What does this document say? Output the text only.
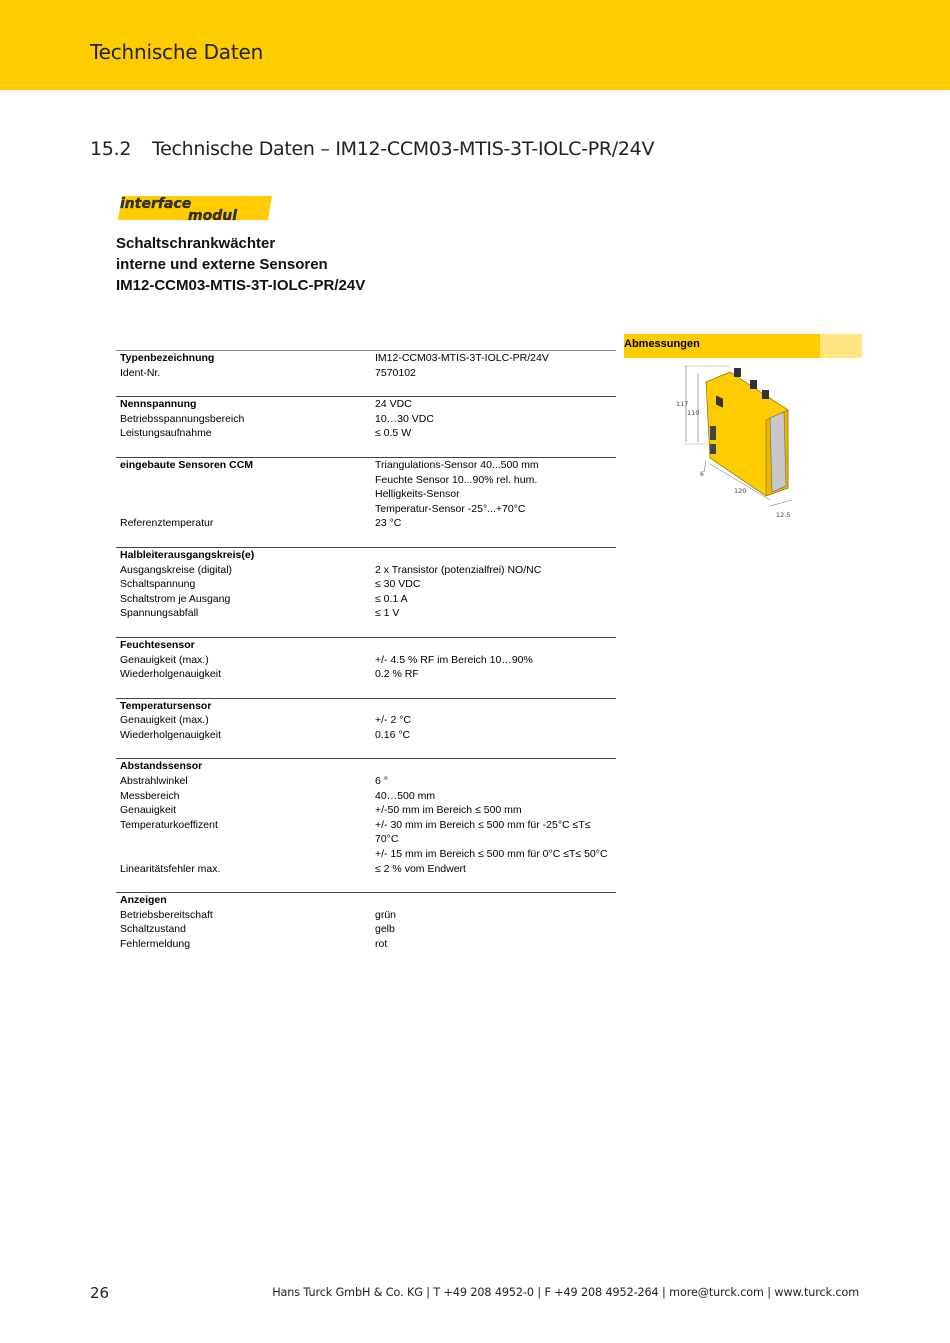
Technische Daten
15.2 Technische Daten – IM12-CCM03-MTIS-3T-IOLC-PR/24V
interface
modul
Schaltschrankwächter
interne und externe Sensoren
IM12-CCM03-MTIS-3T-IOLC-PR/24V
Typenbezeichnung	IM12-CCM03-MTIS-3T-IOLC-PR/24V
Ident-Nr.	7570102
Nennspannung	24 VDC
Betriebsspannungsbereich	10…30 VDC
Leistungsaufnahme	≤ 0.5 W
eingebaute Sensoren CCM	Triangulations-Sensor 40...500 mm
Feuchte Sensor 10...90% rel. hum.
Helligkeits-Sensor
Temperatur-Sensor -25°...+70°C
Referenztemperatur	23 °C
Halbleiterausgangskreis(e)
Ausgangskreise (digital)	2 x Transistor (potenzialfrei) NO/NC
Schaltspannung	≤ 30 VDC
Schaltstrom je Ausgang	≤ 0.1 A
Spannungsabfall	≤ 1 V
Feuchtesensor
Genauigkeit (max.)	+/- 4.5 % RF im Bereich 10…90%
Wiederholgenauigkeit	0.2 % RF
Temperatursensor
Genauigkeit (max.)	+/- 2 °C
Wiederholgenauigkeit	0.16 °C
Abstandssensor
Abstrahlwinkel	6 °
Messbereich	40…500 mm
Genauigkeit	+/-50 mm im Bereich ≤ 500 mm
Temperaturkoeffizent	+/- 30 mm im Bereich ≤ 500 mm für -25°C ≤T≤ 70°C
+/- 15 mm im Bereich ≤ 500 mm für 0°C ≤T≤ 50°C
Linearitätsfehler max.	≤ 2 % vom Endwert
Anzeigen
Betriebsbereitschaft	grün
Schaltzustand	gelb
Fehlermeldung	rot
Abmessungen
117
110
6
120
12.5
26	Hans Turck GmbH & Co. KG | T +49 208 4952-0 | F +49 208 4952-264 | more@turck.com | www.turck.com
